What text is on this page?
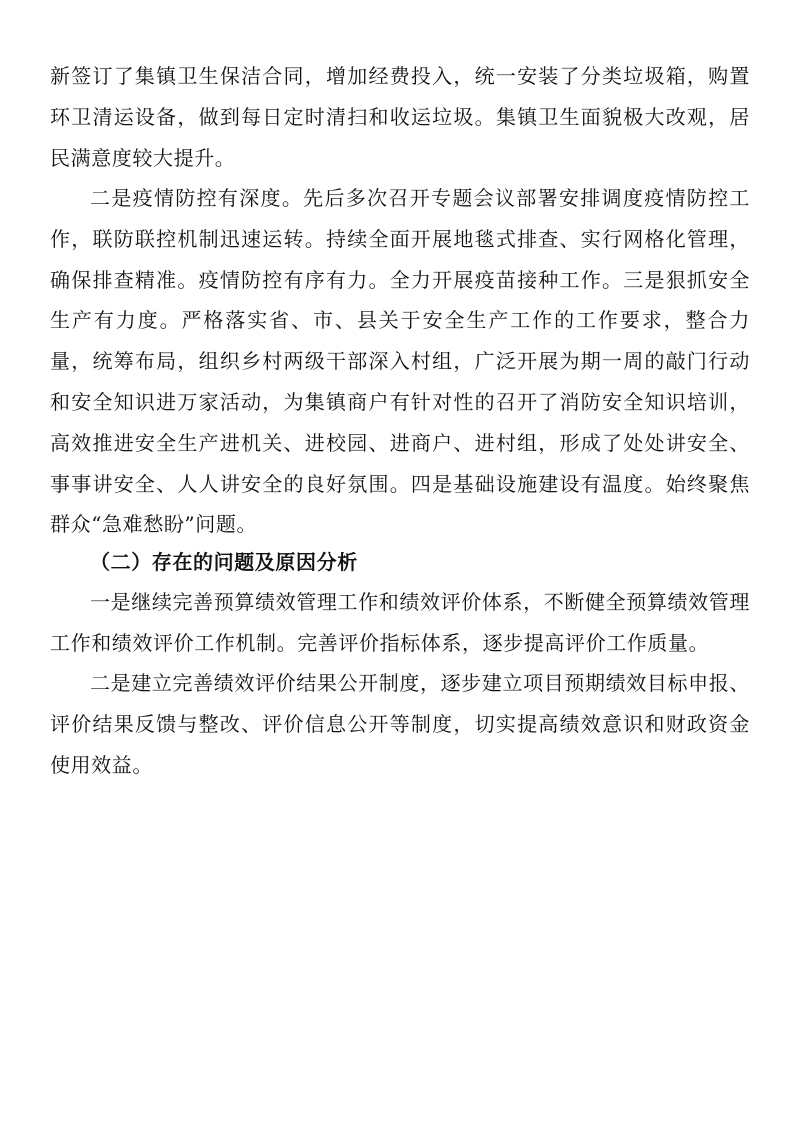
新签订了集镇卫生保洁合同，增加经费投入，统一安装了分类垃圾箱，购置环卫清运设备，做到每日定时清扫和收运垃圾。集镇卫生面貌极大改观，居民满意度较大提升。

二是疫情防控有深度。先后多次召开专题会议部署安排调度疫情防控工作，联防联控机制迅速运转。持续全面开展地毯式排查、实行网格化管理，确保排查精准。疫情防控有序有力。全力开展疫苗接种工作。三是狠抓安全生产有力度。严格落实省、市、县关于安全生产工作的工作要求，整合力量，统筹布局，组织乡村两级干部深入村组，广泛开展为期一周的敲门行动和安全知识进万家活动，为集镇商户有针对性的召开了消防安全知识培训，高效推进安全生产进机关、进校园、进商户、进村组，形成了处处讲安全、事事讲安全、人人讲安全的良好氛围。四是基础设施建设有温度。始终聚焦群众“急难愁盼”问题。

（二）存在的问题及原因分析

一是继续完善预算绩效管理工作和绩效评价体系，不断健全预算绩效管理工作和绩效评价工作机制。完善评价指标体系，逐步提高评价工作质量。

二是建立完善绩效评价结果公开制度，逐步建立项目预期绩效目标申报、评价结果反馈与整改、评价信息公开等制度，切实提高绩效意识和财政资金使用效益。
